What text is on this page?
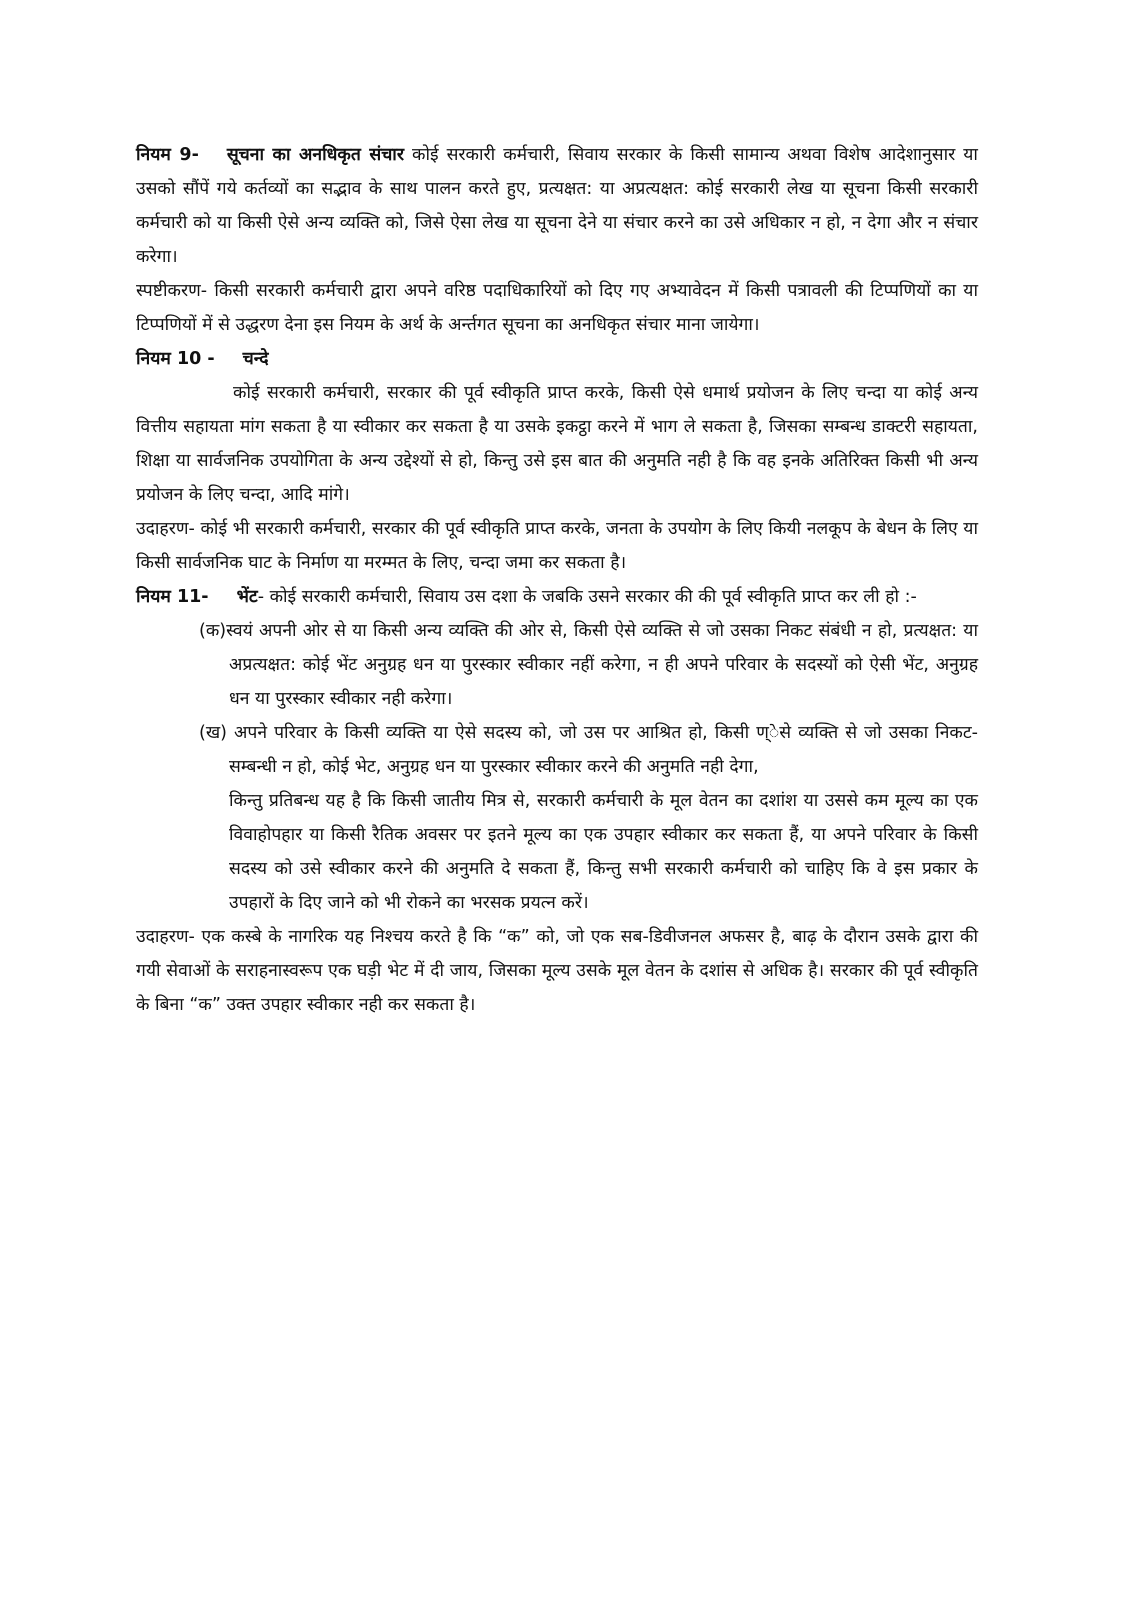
नियम 9- सूचना का अनधिकृत संचार कोई सरकारी कर्मचारी, सिवाय सरकार के किसी सामान्य अथवा विशेष आदेशानुसार या उसको सौंपें गये कर्तव्यों का सद्भाव के साथ पालन करते हुए, प्रत्यक्षत: या अप्रत्यक्षत: कोई सरकारी लेख या सूचना किसी सरकारी कर्मचारी को या किसी ऐसे अन्य व्यक्ति को, जिसे ऐसा लेख या सूचना देने या संचार करने का उसे अधिकार न हो, न देगा और न संचार करेगा।

स्पष्टीकरण- किसी सरकारी कर्मचारी द्वारा अपने वरिष्ठ पदाधिकारियों को दिए गए अभ्यावेदन में किसी पत्रावली की टिप्पणियों का या टिप्पणियों में से उद्धरण देना इस नियम के अर्थ के अर्न्तगत सूचना का अनधिकृत संचार माना जायेगा।

नियम 10 - चन्दे

कोई सरकारी कर्मचारी, सरकार की पूर्व स्वीकृति प्राप्त करके, किसी ऐसे धमार्थ प्रयोजन के लिए चन्दा या कोई अन्य वित्तीय सहायता मांग सकता है या स्वीकार कर सकता है या उसके इकट्ठा करने में भाग ले सकता है, जिसका सम्बन्ध डाक्टरी सहायता, शिक्षा या सार्वजनिक उपयोगिता के अन्य उद्देश्यों से हो, किन्तु उसे इस बात की अनुमति नही है कि वह इनके अतिरिक्त किसी भी अन्य प्रयोजन के लिए चन्दा, आदि मांगे।

उदाहरण- कोई भी सरकारी कर्मचारी, सरकार की पूर्व स्वीकृति प्राप्त करके, जनता के उपयोग के लिए कियी नलकूप के बेधन के लिए या किसी सार्वजनिक घाट के निर्माण या मरम्मत के लिए, चन्दा जमा कर सकता है।

नियम 11- भेंट- कोई सरकारी कर्मचारी, सिवाय उस दशा के जबकि उसने सरकार की की पूर्व स्वीकृति प्राप्त कर ली हो :-

(क)स्वयं अपनी ओर से या किसी अन्य व्यक्ति की ओर से, किसी ऐसे व्यक्ति से जो उसका निकट संबंधी न हो, प्रत्यक्षत: या अप्रत्यक्षत: कोई भेंट अनुग्रह धन या पुरस्कार स्वीकार नहीं करेगा, न ही अपने परिवार के सदस्यों को ऐसी भेंट, अनुग्रह धन या पुरस्कार स्वीकार नही करेगा।

(ख) अपने परिवार के किसी व्यक्ति या ऐसे सदस्य को, जो उस पर आश्रित हो, किसी ण्ेसे व्यक्ति से जो उसका निकट-सम्बन्धी न हो, कोई भेट, अनुग्रह धन या पुरस्कार स्वीकार करने की अनुमति नही देगा,

किन्तु प्रतिबन्ध यह है कि किसी जातीय मित्र से, सरकारी कर्मचारी के मूल वेतन का दशांश या उससे कम मूल्य का एक विवाहोपहार या किसी रैतिक अवसर पर इतने मूल्य का एक उपहार स्वीकार कर सकता हैं, या अपने परिवार के किसी सदस्य को उसे स्वीकार करने की अनुमति दे सकता हैं, किन्तु सभी सरकारी कर्मचारी को चाहिए कि वे इस प्रकार के उपहारों के दिए जाने को भी रोकने का भरसक प्रयत्न करें।

उदाहरण- एक कस्बे के नागरिक यह निश्चय करते है कि “क” को, जो एक सब-डिवीजनल अफसर है, बाढ़ के दौरान उसके द्वारा की गयी सेवाओं के सराहनास्वरूप एक घड़ी भेट में दी जाय, जिसका मूल्य उसके मूल वेतन के दशांस से अधिक है। सरकार की पूर्व स्वीकृति के बिना “क” उक्त उपहार स्वीकार नही कर सकता है।
